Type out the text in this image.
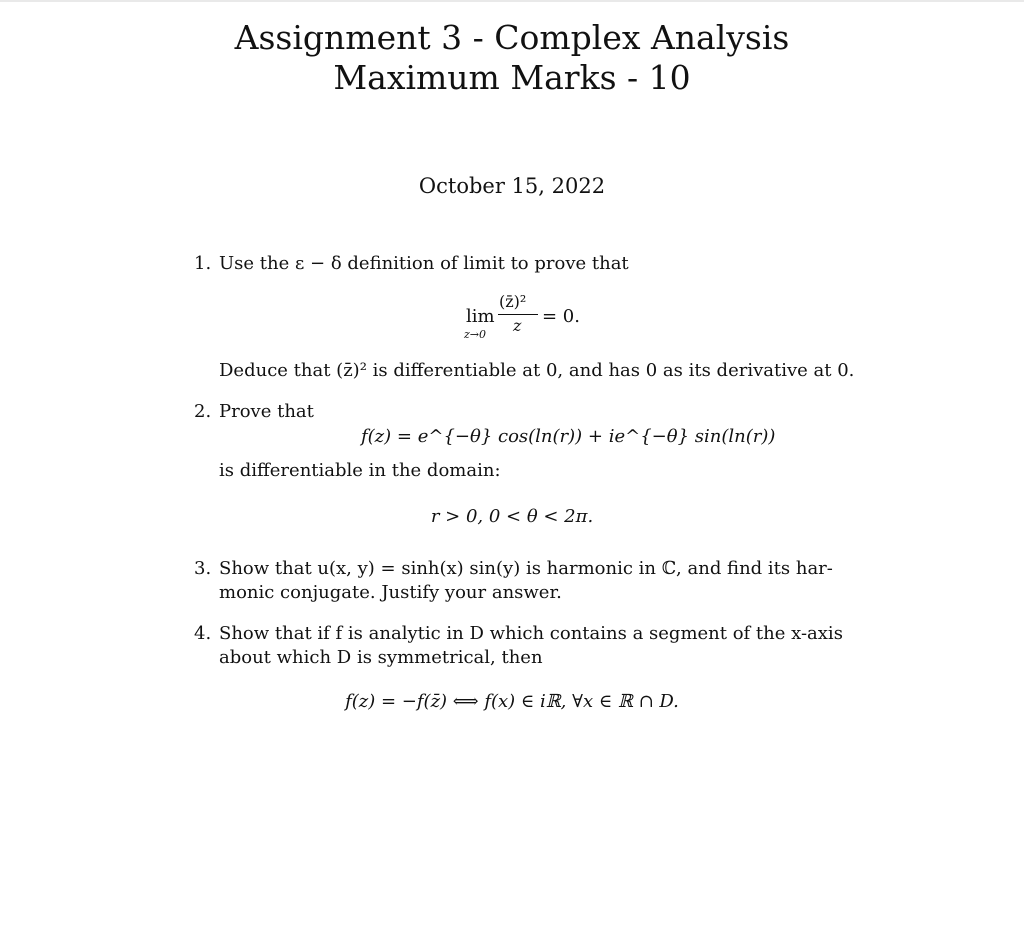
Assignment 3 - Complex Analysis
Maximum Marks - 10
October 15, 2022
1. Use the ε − δ definition of limit to prove that
lim
z→0
(z̄)²
z = 0.
Deduce that (z̄)² is differentiable at 0, and has 0 as its derivative at 0.
2. Prove that
f(z) = e^{−θ} cos(ln(r)) + ie^{−θ} sin(ln(r))
is differentiable in the domain:
r > 0, 0 < θ < 2π.
3. Show that u(x, y) = sinh(x) sin(y) is harmonic in ℂ, and find its har-
monic conjugate. Justify your answer.
4. Show that if f is analytic in D which contains a segment of the x-axis
about which D is symmetrical, then
f(z) = −f(z̄) ⟺ f(x) ∈ iℝ, ∀x ∈ ℝ ∩ D.
